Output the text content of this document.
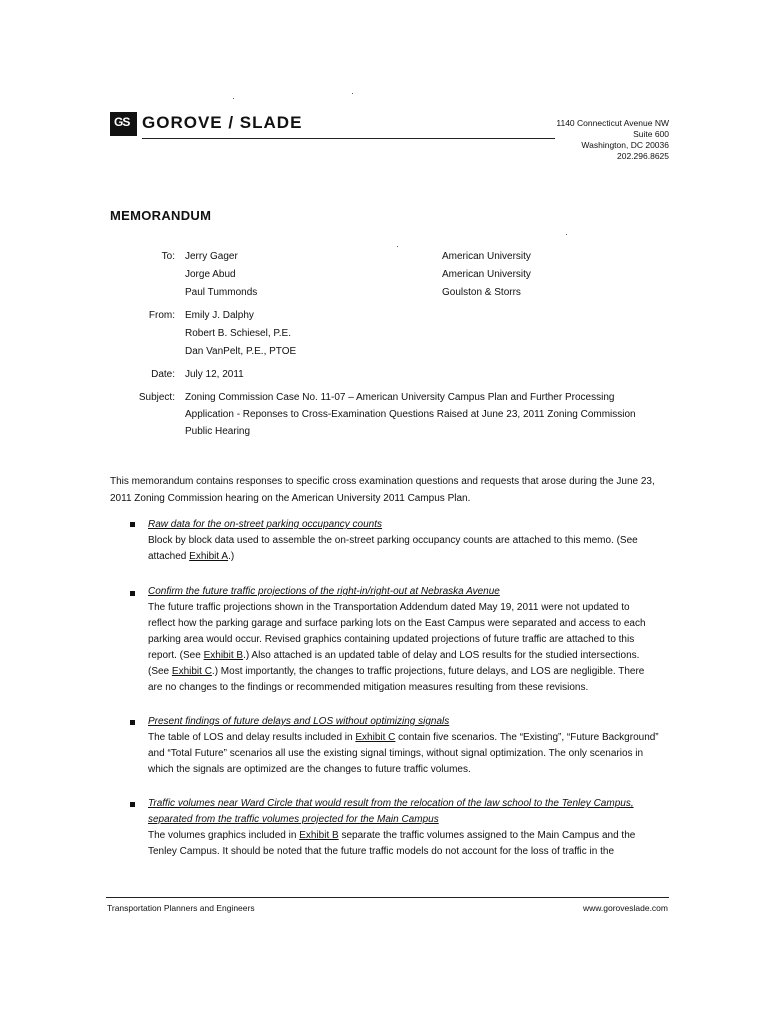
GS GOROVE / SLADE	1140 Connecticut Avenue NW
Suite 600
Washington, DC 20036
202.296.8625
MEMORANDUM
To: Jerry Gager
Jorge Abud
Paul Tummonds
American University
American University
Goulston & Storrs
From: Emily J. Dalphy
Robert B. Schiesel, P.E.
Dan VanPelt, P.E., PTOE
Date: July 12, 2011
Subject: Zoning Commission Case No. 11-07 – American University Campus Plan and Further Processing
Application - Reponses to Cross-Examination Questions Raised at June 23, 2011 Zoning Commission
Public Hearing
This memorandum contains responses to specific cross examination questions and requests that arose during the June 23,
2011 Zoning Commission hearing on the American University 2011 Campus Plan.
Raw data for the on-street parking occupancy counts
Block by block data used to assemble the on-street parking occupancy counts are attached to this memo. (See
attached Exhibit A.)
Confirm the future traffic projections of the right-in/right-out at Nebraska Avenue
The future traffic projections shown in the Transportation Addendum dated May 19, 2011 were not updated to
reflect how the parking garage and surface parking lots on the East Campus were separated and access to each
parking area would occur. Revised graphics containing updated projections of future traffic are attached to this
report. (See Exhibit B.) Also attached is an updated table of delay and LOS results for the studied intersections.
(See Exhibit C.) Most importantly, the changes to traffic projections, future delays, and LOS are negligible. There
are no changes to the findings or recommended mitigation measures resulting from these revisions.
Present findings of future delays and LOS without optimizing signals
The table of LOS and delay results included in Exhibit C contain five scenarios. The “Existing”, “Future Background”
and “Total Future” scenarios all use the existing signal timings, without signal optimization. The only scenarios in
which the signals are optimized are the changes to future traffic volumes.
Traffic volumes near Ward Circle that would result from the relocation of the law school to the Tenley Campus,
separated from the traffic volumes projected for the Main Campus
The volumes graphics included in Exhibit B separate the traffic volumes assigned to the Main Campus and the
Tenley Campus. It should be noted that the future traffic models do not account for the loss of traffic in the
Transportation Planners and Engineers	www.goroveslade.com
